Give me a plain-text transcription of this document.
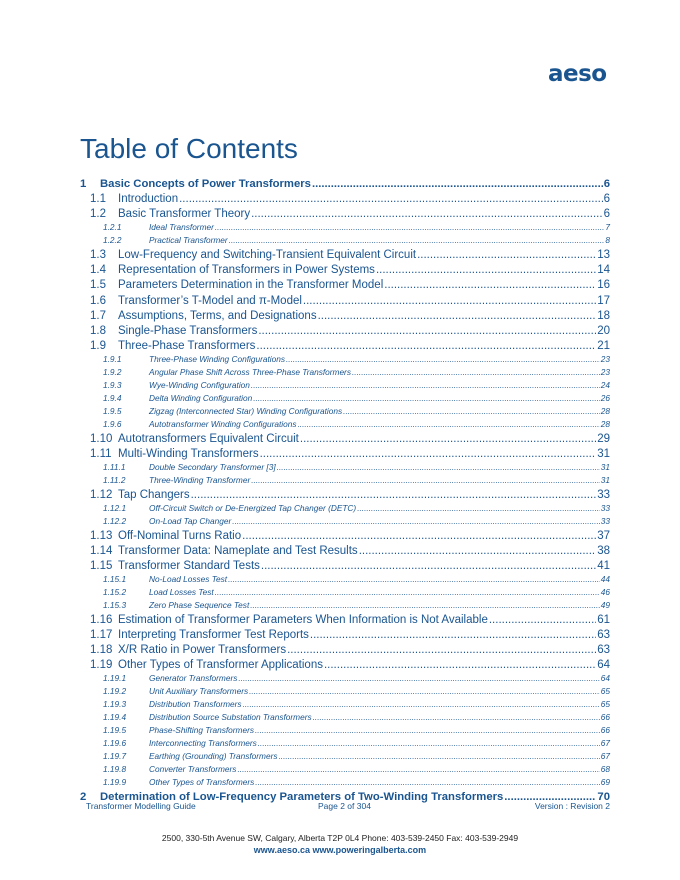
aeso
Table of Contents
1	Basic Concepts of Power Transformers .....	6
1.1	Introduction .....	6
1.2	Basic Transformer Theory .....	6
1.2.1	Ideal Transformer .....	7
1.2.2	Practical Transformer .....	8
1.3	Low-Frequency and Switching-Transient Equivalent Circuit .....	13
1.4	Representation of Transformers in Power Systems .....	14
1.5	Parameters Determination in the Transformer Model .....	16
1.6	Transformer’s T-Model and π-Model .....	17
1.7	Assumptions, Terms, and Designations .....	18
1.8	Single-Phase Transformers .....	20
1.9	Three-Phase Transformers .....	21
1.9.1	Three-Phase Winding Configurations .....	23
1.9.2	Angular Phase Shift Across Three-Phase Transformers .....	23
1.9.3	Wye-Winding Configuration .....	24
1.9.4	Delta Winding Configuration .....	26
1.9.5	Zigzag (Interconnected Star) Winding Configurations .....	28
1.9.6	Autotransformer Winding Configurations .....	28
1.10 Autotransformers Equivalent Circuit .....	29
1.11 Multi-Winding Transformers .....	31
1.11.1	Double Secondary Transformer [3] .....	31
1.11.2	Three-Winding Transformer .....	31
1.12 Tap Changers .....	33
1.12.1	Off-Circuit Switch or De-Energized Tap Changer (DETC) .....	33
1.12.2	On-Load Tap Changer .....	33
1.13 Off-Nominal Turns Ratio .....	37
1.14 Transformer Data: Nameplate and Test Results .....	38
1.15 Transformer Standard Tests .....	41
1.15.1	No-Load Losses Test .....	44
1.15.2	Load Losses Test .....	46
1.15.3	Zero Phase Sequence Test .....	49
1.16 Estimation of Transformer Parameters When Information is Not Available .....	61
1.17 Interpreting Transformer Test Reports .....	63
1.18 X/R Ratio in Power Transformers .....	63
1.19 Other Types of Transformer Applications .....	64
1.19.1	Generator Transformers .....	64
1.19.2	Unit Auxiliary Transformers .....	65
1.19.3	Distribution Transformers .....	65
1.19.4	Distribution Source Substation Transformers .....	66
1.19.5	Phase-Shifting Transformers .....	66
1.19.6	Interconnecting Transformers .....	67
1.19.7	Earthing (Grounding) Transformers .....	67
1.19.8	Converter Transformers .....	68
1.19.9	Other Types of Transformers .....	69
2	Determination of Low-Frequency Parameters of Two-Winding Transformers .....	70
Transformer Modelling Guide	Page 2 of 304	Version : Revision 2
2500, 330-5th Avenue SW, Calgary, Alberta T2P 0L4 Phone: 403-539-2450 Fax: 403-539-2949
www.aeso.ca www.poweringalberta.com
